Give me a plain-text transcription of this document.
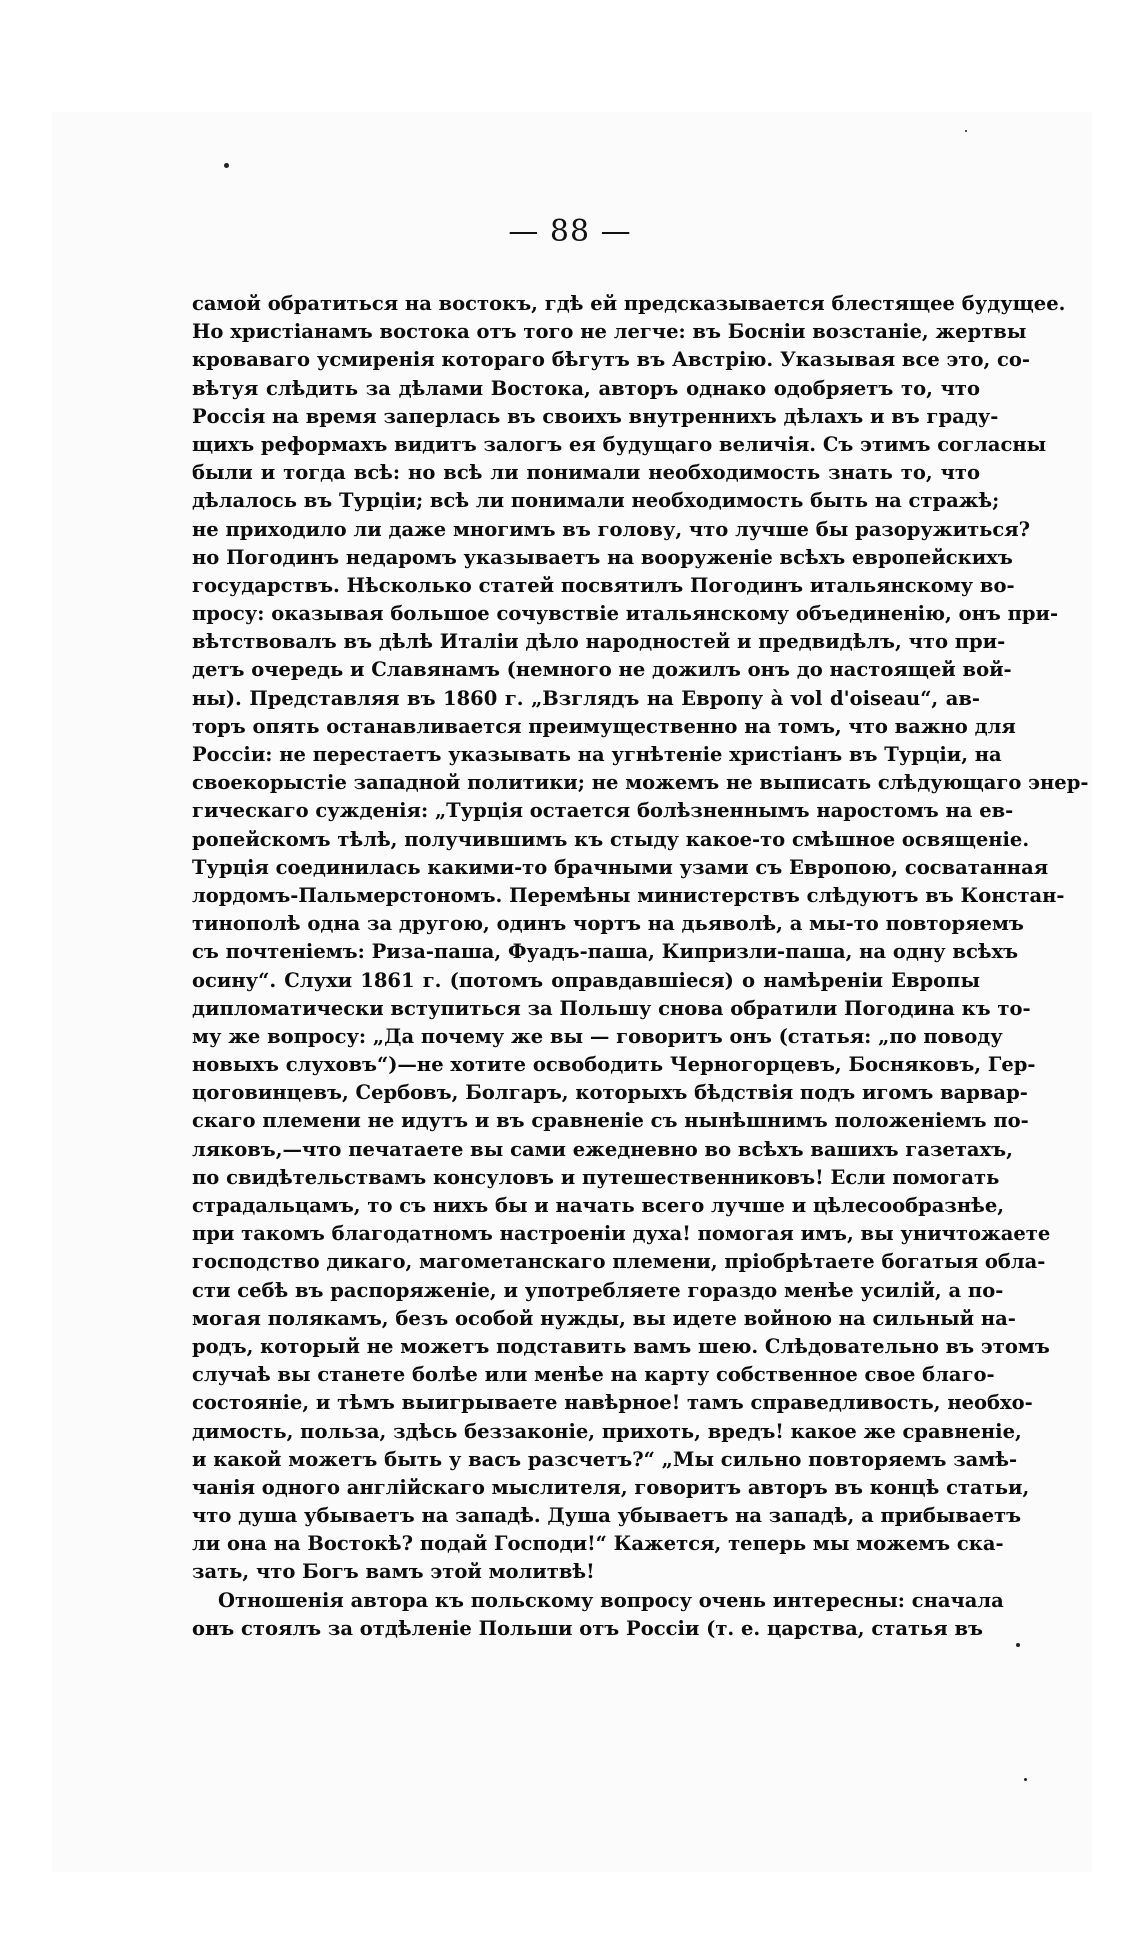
— 88 —
самой обратиться на востокъ, гдѣ ей предсказывается блестящее будущее.
Но христіанамъ востока отъ того не легче: въ Босніи возстаніе, жертвы
кроваваго усмиренія котораго бѣгутъ въ Австрію. Указывая все это, со-
вѣтуя слѣдить за дѣлами Востока, авторъ однако одобряетъ то, что
Россія на время заперлась въ своихъ внутреннихъ дѣлахъ и въ граду-
щихъ реформахъ видитъ залогъ ея будущаго величія. Съ этимъ согласны
были и тогда всѣ: но всѣ ли понимали необходимость знать то, что
дѣлалось въ Турціи; всѣ ли понимали необходимость быть на стражѣ;
не приходило ли даже многимъ въ голову, что лучше бы разоружиться?
но Погодинъ недаромъ указываетъ на вооруженіе всѣхъ европейскихъ
государствъ. Нѣсколько статей посвятилъ Погодинъ итальянскому во-
просу: оказывая большое сочувствіе итальянскому объединенію, онъ при-
вѣтствовалъ въ дѣлѣ Италіи дѣло народностей и предвидѣлъ, что при-
детъ очередь и Славянамъ (немного не дожилъ онъ до настоящей вой-
ны). Представляя въ 1860 г. „Взглядъ на Европу à vol d'oiseau“, ав-
торъ опять останавливается преимущественно на томъ, что важно для
Россіи: не перестаетъ указывать на угнѣтеніе христіанъ въ Турціи, на
своекорыстіе западной политики; не можемъ не выписать слѣдующаго энер-
гическаго сужденія: „Турція остается болѣзненнымъ наростомъ на ев-
ропейскомъ тѣлѣ, получившимъ къ стыду какое-то смѣшное освященіе.
Турція соединилась какими-то брачными узами съ Европою, сосватанная
лордомъ-Пальмерстономъ. Перемѣны министерствъ слѣдуютъ въ Констан-
тинополѣ одна за другою, одинъ чортъ на дьяволѣ, а мы-то повторяемъ
съ почтеніемъ: Риза-паша, Фуадъ-паша, Кипризли-паша, на одну всѣхъ
осину“. Слухи 1861 г. (потомъ оправдавшіеся) о намѣреніи Европы
дипломатически вступиться за Польшу снова обратили Погодина къ то-
му же вопросу: „Да почему же вы — говоритъ онъ (статья: „по поводу
новыхъ слуховъ“)—не хотите освободить Черногорцевъ, Босняковъ, Гер-
цоговинцевъ, Сербовъ, Болгаръ, которыхъ бѣдствія подъ игомъ варвар-
скаго племени не идутъ и въ сравненіе съ нынѣшнимъ положеніемъ по-
ляковъ,—что печатаете вы сами ежедневно во всѣхъ вашихъ газетахъ,
по свидѣтельствамъ консуловъ и путешественниковъ! Если помогать
страдальцамъ, то съ нихъ бы и начать всего лучше и цѣлесообразнѣе,
при такомъ благодатномъ настроеніи духа! помогая имъ, вы уничтожаете
господство дикаго, магометанскаго племени, пріобрѣтаете богатыя обла-
сти себѣ въ распоряженіе, и употребляете гораздо менѣе усилій, а по-
могая полякамъ, безъ особой нужды, вы идете войною на сильный на-
родъ, который не можетъ подставить вамъ шею. Слѣдовательно въ этомъ
случаѣ вы станете болѣе или менѣе на карту собственное свое благо-
состояніе, и тѣмъ выигрываете навѣрное! тамъ справедливость, необхо-
димость, польза, здѣсь беззаконіе, прихоть, вредъ! какое же сравненіе,
и какой можетъ быть у васъ разсчетъ?“ „Мы сильно повторяемъ замѣ-
чанія одного англійскаго мыслителя, говоритъ авторъ въ концѣ статьи,
что душа убываетъ на западѣ. Душа убываетъ на западѣ, а прибываетъ
ли она на Востокѣ? подай Господи!“ Кажется, теперь мы можемъ ска-
зать, что Богъ вамъ этой молитвѣ!
Отношенія автора къ польскому вопросу очень интересны: сначала
онъ стоялъ за отдѣленіе Польши отъ Россіи (т. е. царства, статья въ
